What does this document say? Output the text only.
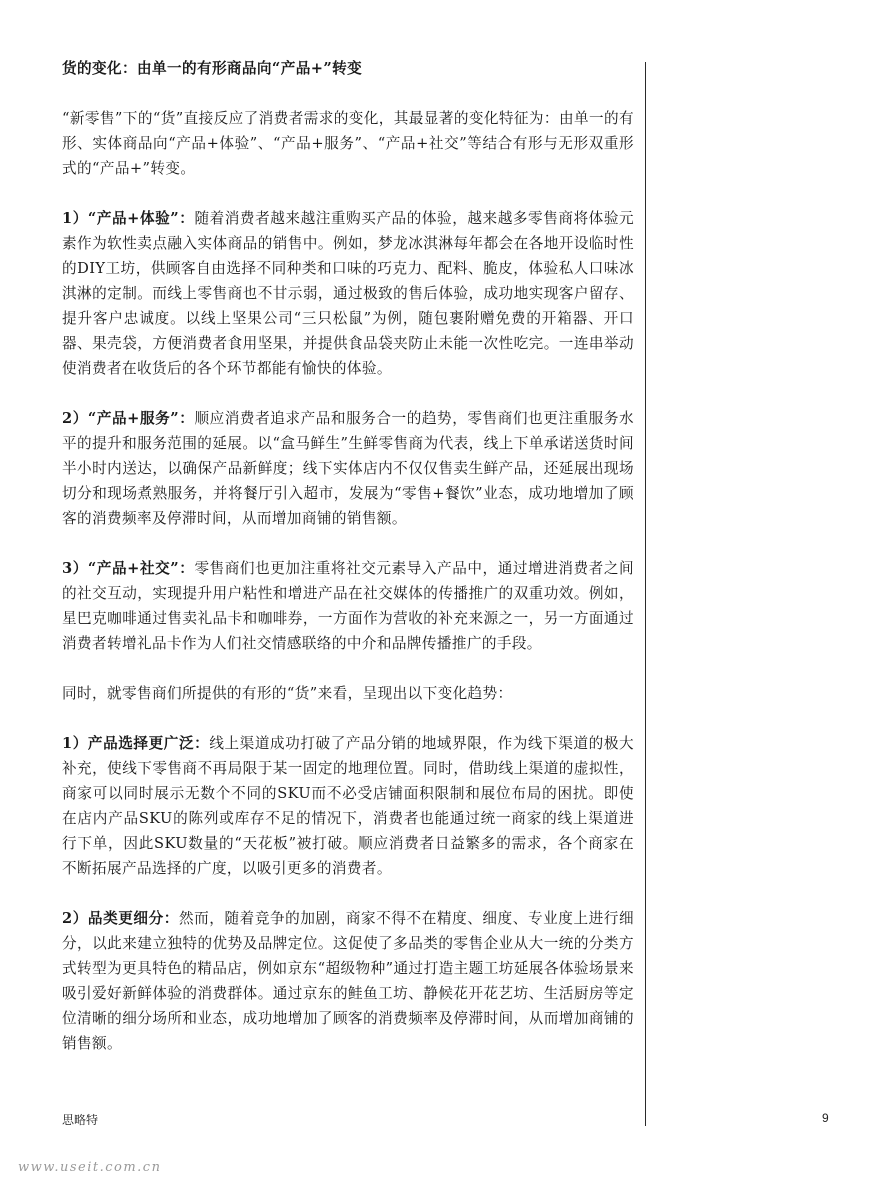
货的变化：由单一的有形商品向“产品+”转变

“新零售”下的“货”直接反应了消费者需求的变化，其最显著的变化特征为：由单一的有形、实体商品向“产品+体验”、“产品+服务”、“产品+社交”等结合有形与无形双重形式的“产品+”转变。

1）“产品+体验”：随着消费者越来越注重购买产品的体验，越来越多零售商将体验元素作为软性卖点融入实体商品的销售中。例如，梦龙冰淇淋每年都会在各地开设临时性的DIY工坊，供顾客自由选择不同种类和口味的巧克力、配料、脆皮，体验私人口味冰淇淋的定制。而线上零售商也不甘示弱，通过极致的售后体验，成功地实现客户留存、提升客户忠诚度。以线上坚果公司“三只松鼠”为例，随包裹附赠免费的开箱器、开口器、果壳袋，方便消费者食用坚果，并提供食品袋夹防止未能一次性吃完。一连串举动使消费者在收货后的各个环节都能有愉快的体验。

2）“产品+服务”：顺应消费者追求产品和服务合一的趋势，零售商们也更注重服务水平的提升和服务范围的延展。以“盒马鲜生”生鲜零售商为代表，线上下单承诺送货时间半小时内送达，以确保产品新鲜度；线下实体店内不仅仅售卖生鲜产品，还延展出现场切分和现场煮熟服务，并将餐厅引入超市，发展为“零售+餐饮”业态，成功地增加了顾客的消费频率及停滞时间，从而增加商铺的销售额。

3）“产品+社交”：零售商们也更加注重将社交元素导入产品中，通过增进消费者之间的社交互动，实现提升用户粘性和增进产品在社交媒体的传播推广的双重功效。例如，星巴克咖啡通过售卖礼品卡和咖啡券，一方面作为营收的补充来源之一，另一方面通过消费者转增礼品卡作为人们社交情感联络的中介和品牌传播推广的手段。

同时，就零售商们所提供的有形的“货”来看，呈现出以下变化趋势：

1）产品选择更广泛：线上渠道成功打破了产品分销的地域界限，作为线下渠道的极大补充，使线下零售商不再局限于某一固定的地理位置。同时，借助线上渠道的虚拟性，商家可以同时展示无数个不同的SKU而不必受店铺面积限制和展位布局的困扰。即使在店内产品SKU的陈列或库存不足的情况下，消费者也能通过统一商家的线上渠道进行下单，因此SKU数量的“天花板”被打破。顺应消费者日益繁多的需求，各个商家在不断拓展产品选择的广度，以吸引更多的消费者。

2）品类更细分：然而，随着竞争的加剧，商家不得不在精度、细度、专业度上进行细分，以此来建立独特的优势及品牌定位。这促使了多品类的零售企业从大一统的分类方式转型为更具特色的精品店，例如京东“超级物种”通过打造主题工坊延展各体验场景来吸引爱好新鲜体验的消费群体。通过京东的鲑鱼工坊、静候花开花艺坊、生活厨房等定位清晰的细分场所和业态，成功地增加了顾客的消费频率及停滞时间，从而增加商铺的销售额。

思略特	9
www.useit.com.cn
